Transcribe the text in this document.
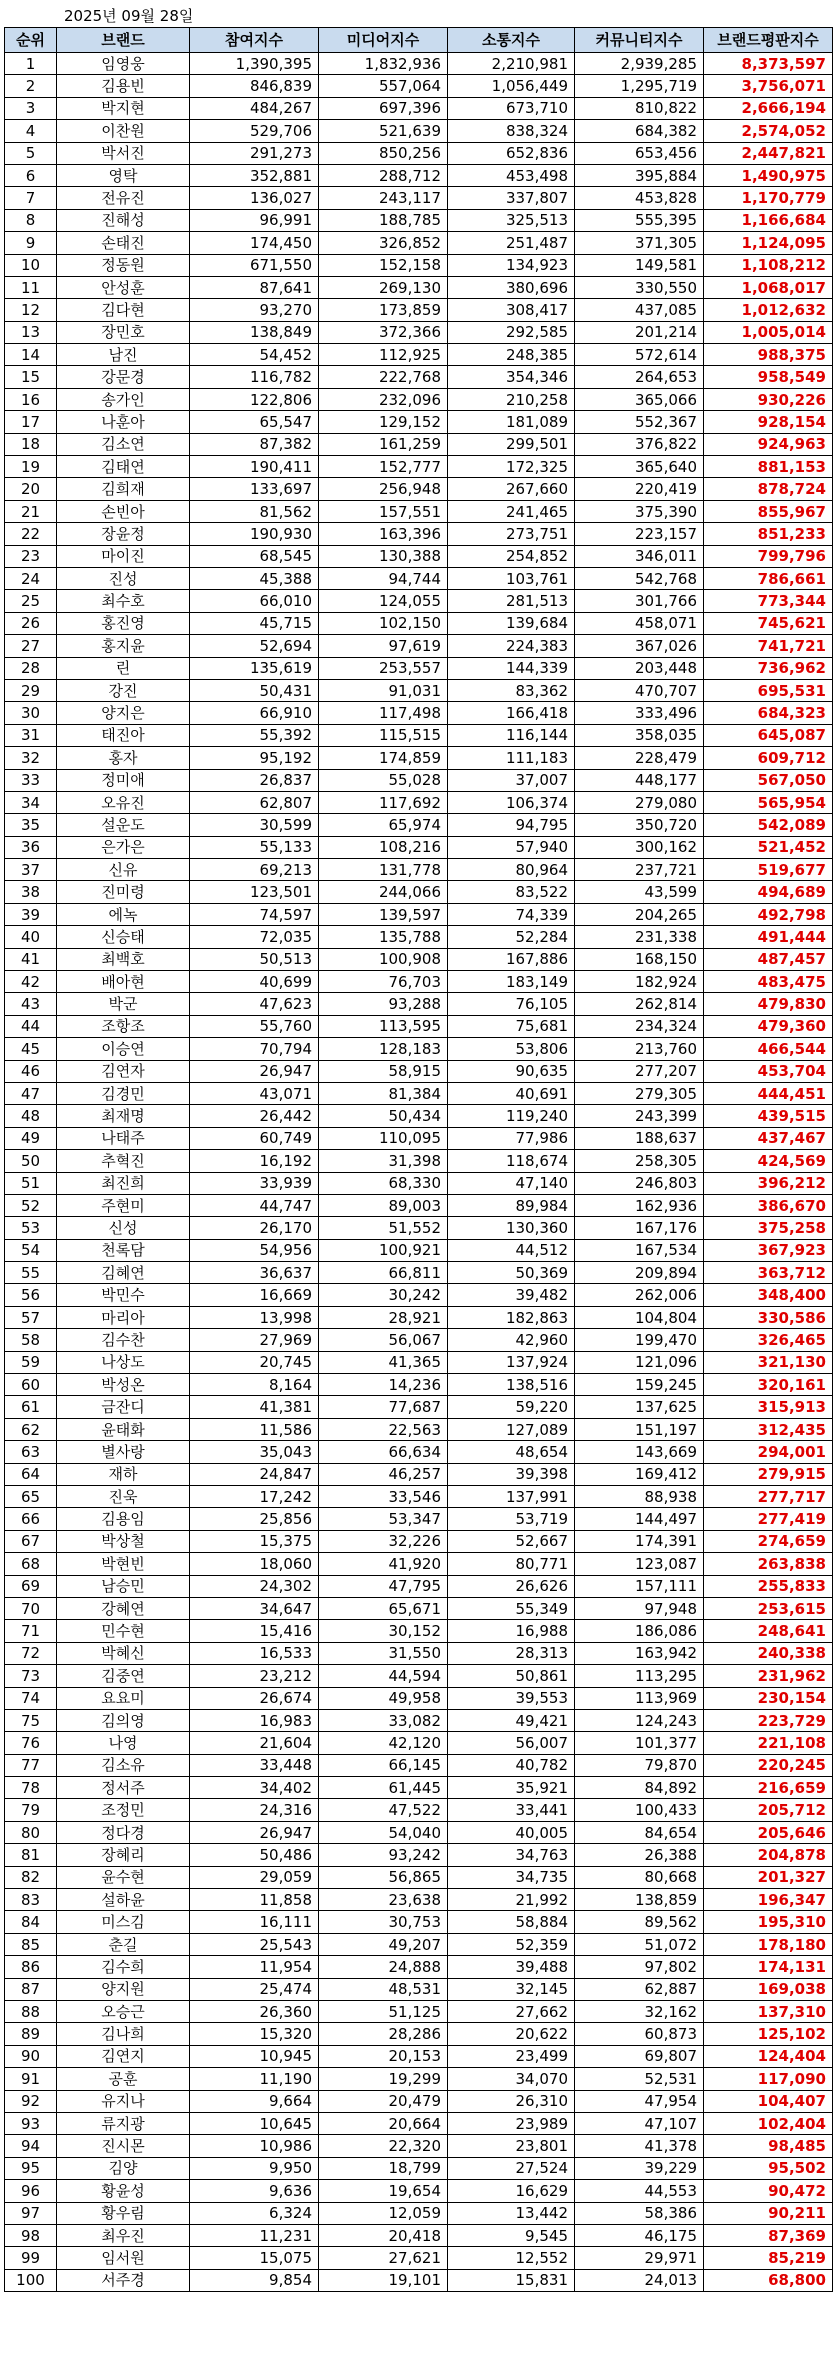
2025년 09월 28일
순위	브랜드	참여지수	미디어지수	소통지수	커뮤니티지수	브랜드평판지수
1	임영웅	1,390,395	1,832,936	2,210,981	2,939,285	8,373,597
2	김용빈	846,839	557,064	1,056,449	1,295,719	3,756,071
3	박지현	484,267	697,396	673,710	810,822	2,666,194
4	이찬원	529,706	521,639	838,324	684,382	2,574,052
5	박서진	291,273	850,256	652,836	653,456	2,447,821
6	영탁	352,881	288,712	453,498	395,884	1,490,975
7	전유진	136,027	243,117	337,807	453,828	1,170,779
8	진해성	96,991	188,785	325,513	555,395	1,166,684
9	손태진	174,450	326,852	251,487	371,305	1,124,095
10	정동원	671,550	152,158	134,923	149,581	1,108,212
11	안성훈	87,641	269,130	380,696	330,550	1,068,017
12	김다현	93,270	173,859	308,417	437,085	1,012,632
13	장민호	138,849	372,366	292,585	201,214	1,005,014
14	남진	54,452	112,925	248,385	572,614	988,375
15	강문경	116,782	222,768	354,346	264,653	958,549
16	송가인	122,806	232,096	210,258	365,066	930,226
17	나훈아	65,547	129,152	181,089	552,367	928,154
18	김소연	87,382	161,259	299,501	376,822	924,963
19	김태연	190,411	152,777	172,325	365,640	881,153
20	김희재	133,697	256,948	267,660	220,419	878,724
21	손빈아	81,562	157,551	241,465	375,390	855,967
22	장윤정	190,930	163,396	273,751	223,157	851,233
23	마이진	68,545	130,388	254,852	346,011	799,796
24	진성	45,388	94,744	103,761	542,768	786,661
25	최수호	66,010	124,055	281,513	301,766	773,344
26	홍진영	45,715	102,150	139,684	458,071	745,621
27	홍지윤	52,694	97,619	224,383	367,026	741,721
28	린	135,619	253,557	144,339	203,448	736,962
29	강진	50,431	91,031	83,362	470,707	695,531
30	양지은	66,910	117,498	166,418	333,496	684,323
31	태진아	55,392	115,515	116,144	358,035	645,087
32	홍자	95,192	174,859	111,183	228,479	609,712
33	정미애	26,837	55,028	37,007	448,177	567,050
34	오유진	62,807	117,692	106,374	279,080	565,954
35	설운도	30,599	65,974	94,795	350,720	542,089
36	은가은	55,133	108,216	57,940	300,162	521,452
37	신유	69,213	131,778	80,964	237,721	519,677
38	진미령	123,501	244,066	83,522	43,599	494,689
39	에녹	74,597	139,597	74,339	204,265	492,798
40	신승태	72,035	135,788	52,284	231,338	491,444
41	최백호	50,513	100,908	167,886	168,150	487,457
42	배아현	40,699	76,703	183,149	182,924	483,475
43	박군	47,623	93,288	76,105	262,814	479,830
44	조항조	55,760	113,595	75,681	234,324	479,360
45	이승연	70,794	128,183	53,806	213,760	466,544
46	김연자	26,947	58,915	90,635	277,207	453,704
47	김경민	43,071	81,384	40,691	279,305	444,451
48	최재명	26,442	50,434	119,240	243,399	439,515
49	나태주	60,749	110,095	77,986	188,637	437,467
50	추혁진	16,192	31,398	118,674	258,305	424,569
51	최진희	33,939	68,330	47,140	246,803	396,212
52	주현미	44,747	89,003	89,984	162,936	386,670
53	신성	26,170	51,552	130,360	167,176	375,258
54	천록담	54,956	100,921	44,512	167,534	367,923
55	김혜연	36,637	66,811	50,369	209,894	363,712
56	박민수	16,669	30,242	39,482	262,006	348,400
57	마리아	13,998	28,921	182,863	104,804	330,586
58	김수찬	27,969	56,067	42,960	199,470	326,465
59	나상도	20,745	41,365	137,924	121,096	321,130
60	박성온	8,164	14,236	138,516	159,245	320,161
61	금잔디	41,381	77,687	59,220	137,625	315,913
62	윤태화	11,586	22,563	127,089	151,197	312,435
63	별사랑	35,043	66,634	48,654	143,669	294,001
64	재하	24,847	46,257	39,398	169,412	279,915
65	진욱	17,242	33,546	137,991	88,938	277,717
66	김용임	25,856	53,347	53,719	144,497	277,419
67	박상철	15,375	32,226	52,667	174,391	274,659
68	박현빈	18,060	41,920	80,771	123,087	263,838
69	남승민	24,302	47,795	26,626	157,111	255,833
70	강혜연	34,647	65,671	55,349	97,948	253,615
71	민수현	15,416	30,152	16,988	186,086	248,641
72	박혜신	16,533	31,550	28,313	163,942	240,338
73	김중연	23,212	44,594	50,861	113,295	231,962
74	요요미	26,674	49,958	39,553	113,969	230,154
75	김의영	16,983	33,082	49,421	124,243	223,729
76	나영	21,604	42,120	56,007	101,377	221,108
77	김소유	33,448	66,145	40,782	79,870	220,245
78	정서주	34,402	61,445	35,921	84,892	216,659
79	조정민	24,316	47,522	33,441	100,433	205,712
80	정다경	26,947	54,040	40,005	84,654	205,646
81	장혜리	50,486	93,242	34,763	26,388	204,878
82	윤수현	29,059	56,865	34,735	80,668	201,327
83	설하윤	11,858	23,638	21,992	138,859	196,347
84	미스김	16,111	30,753	58,884	89,562	195,310
85	춘길	25,543	49,207	52,359	51,072	178,180
86	김수희	11,954	24,888	39,488	97,802	174,131
87	양지원	25,474	48,531	32,145	62,887	169,038
88	오승근	26,360	51,125	27,662	32,162	137,310
89	김나희	15,320	28,286	20,622	60,873	125,102
90	김연지	10,945	20,153	23,499	69,807	124,404
91	공훈	11,190	19,299	34,070	52,531	117,090
92	유지나	9,664	20,479	26,310	47,954	104,407
93	류지광	10,645	20,664	23,989	47,107	102,404
94	진시몬	10,986	22,320	23,801	41,378	98,485
95	김양	9,950	18,799	27,524	39,229	95,502
96	황윤성	9,636	19,654	16,629	44,553	90,472
97	황우림	6,324	12,059	13,442	58,386	90,211
98	최우진	11,231	20,418	9,545	46,175	87,369
99	임서원	15,075	27,621	12,552	29,971	85,219
100	서주경	9,854	19,101	15,831	24,013	68,800
